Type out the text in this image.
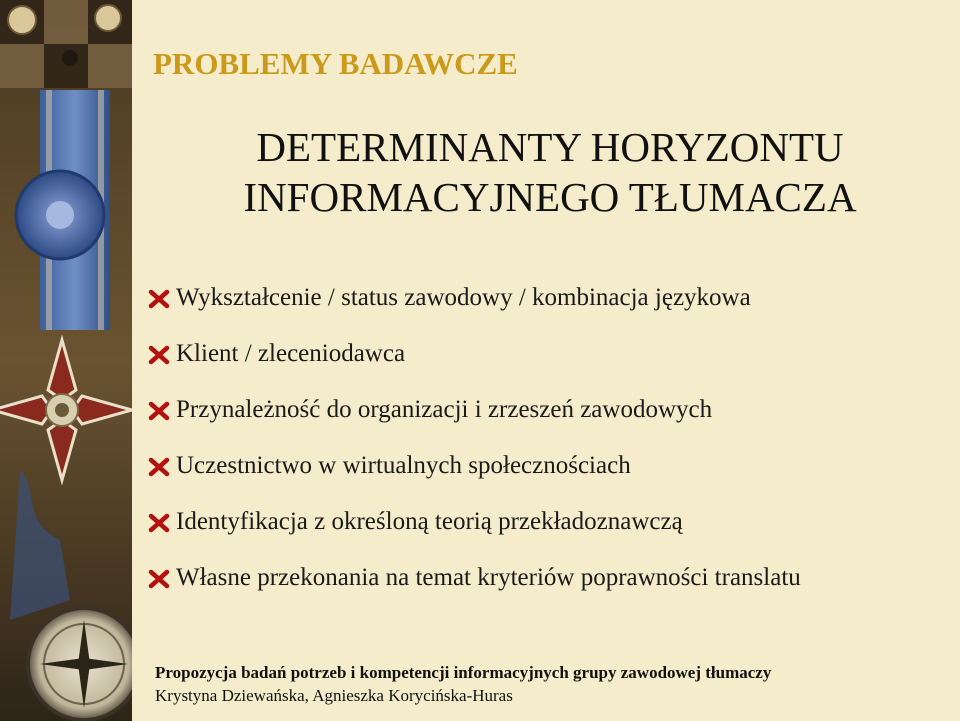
PROBLEMY BADAWCZE
DETERMINANTY HORYZONTU
INFORMACYJNEGO TŁUMACZA
Wykształcenie / status zawodowy / kombinacja językowa
Klient / zleceniodawca
Przynależność do organizacji i zrzeszeń zawodowych
Uczestnictwo w wirtualnych społecznościach
Identyfikacja z określoną teorią przekładoznawczą
Własne przekonania na temat kryteriów poprawności translatu
Propozycja badań potrzeb i kompetencji informacyjnych grupy zawodowej tłumaczy
Krystyna Dziewańska, Agnieszka Korycińska-Huras
